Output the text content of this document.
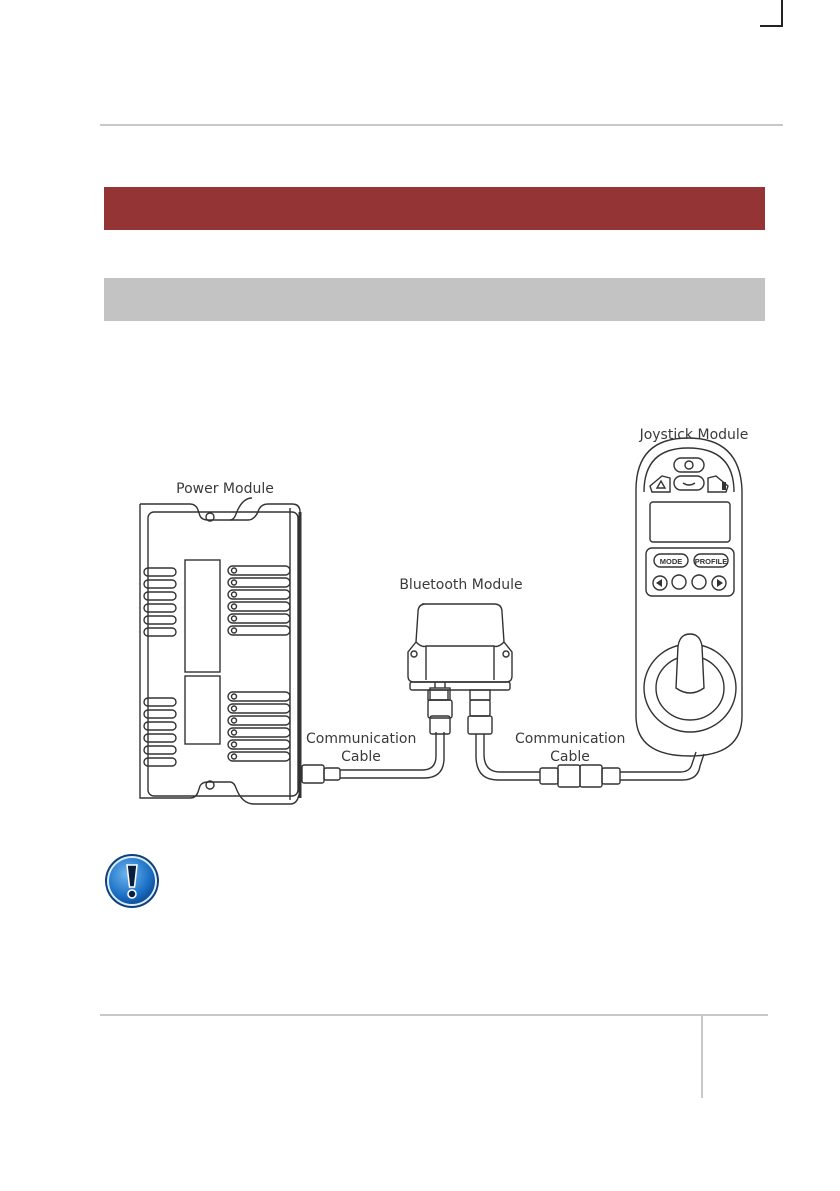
MODE PROFILE
Power Module
Bluetooth Module
Joystick Module
Communication Cable
Communication Cable
